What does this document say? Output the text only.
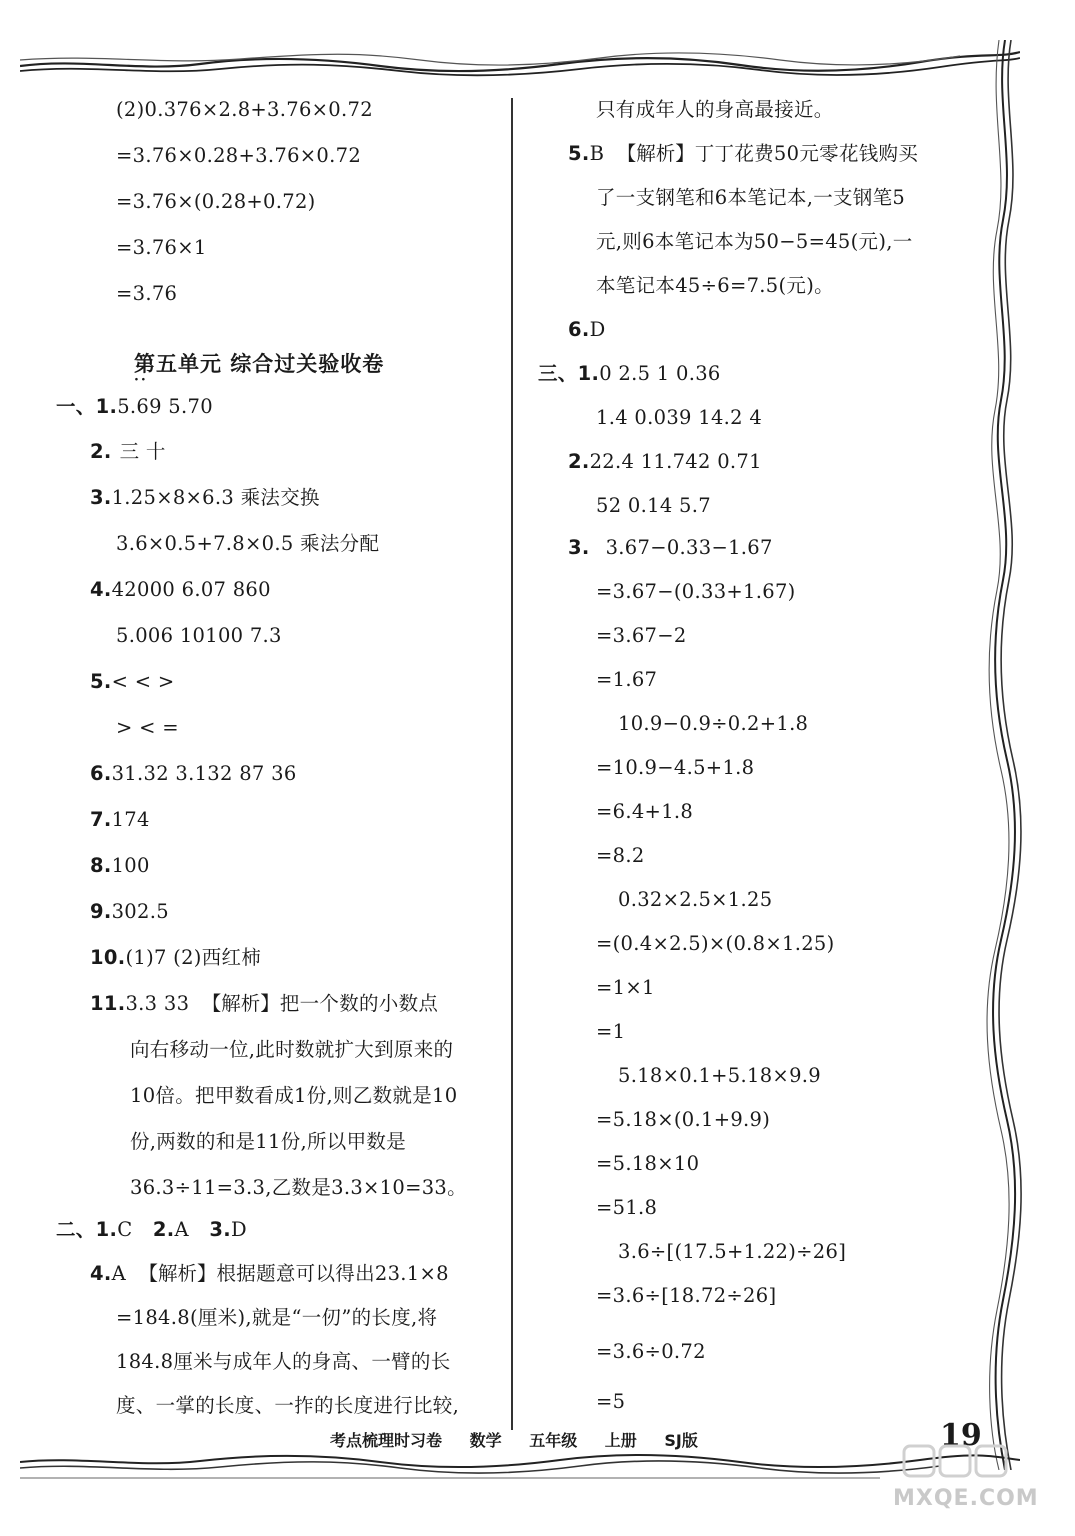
(2)0.376×2.8+3.76×0.72
=3.76×0.28+3.76×0.72
=3.76×(0.28+0.72)
=3.76×1
=3.76
第五单元 综合过关验收卷
··
一、1.5.69 5.70
2. 三 十
3.1.25×8×6.3 乘法交换
3.6×0.5+7.8×0.5 乘法分配
4.42000 6.07 860
5.006 10100 7.3
5.< < >
> < =
6.31.32 3.132 87 36
7.174
8.100
9.302.5
10.(1)7 (2)西红柿
11.3.3 33 【解析】把一个数的小数点
向右移动一位,此时数就扩大到原来的
10倍。把甲数看成1份,则乙数就是10
份,两数的和是11份,所以甲数是
36.3÷11=3.3,乙数是3.3×10=33。
二、1.C 2.A 3.D
4.A 【解析】根据题意可以得出23.1×8
=184.8(厘米),就是“一仞”的长度,将
184.8厘米与成年人的身高、一臂的长
度、一掌的长度、一拃的长度进行比较,
只有成年人的身高最接近。
5.B 【解析】丁丁花费50元零花钱购买
了一支钢笔和6本笔记本,一支钢笔5
元,则6本笔记本为50−5=45(元),一
本笔记本45÷6=7.5(元)。
6.D
三、1.0 2.5 1 0.36
1.4 0.039 14.2 4
2.22.4 11.742 0.71
52 0.14 5.7
3. 3.67−0.33−1.67
=3.67−(0.33+1.67)
=3.67−2
=1.67
10.9−0.9÷0.2+1.8
=10.9−4.5+1.8
=6.4+1.8
=8.2
0.32×2.5×1.25
=(0.4×2.5)×(0.8×1.25)
=1×1
=1
5.18×0.1+5.18×9.9
=5.18×(0.1+9.9)
=5.18×10
=51.8
3.6÷[(17.5+1.22)÷26]
=3.6÷[18.72÷26]
=3.6÷0.72
=5
考点梳理时习卷 数学 五年级 上册 SJ版	19
MXQE.COM
